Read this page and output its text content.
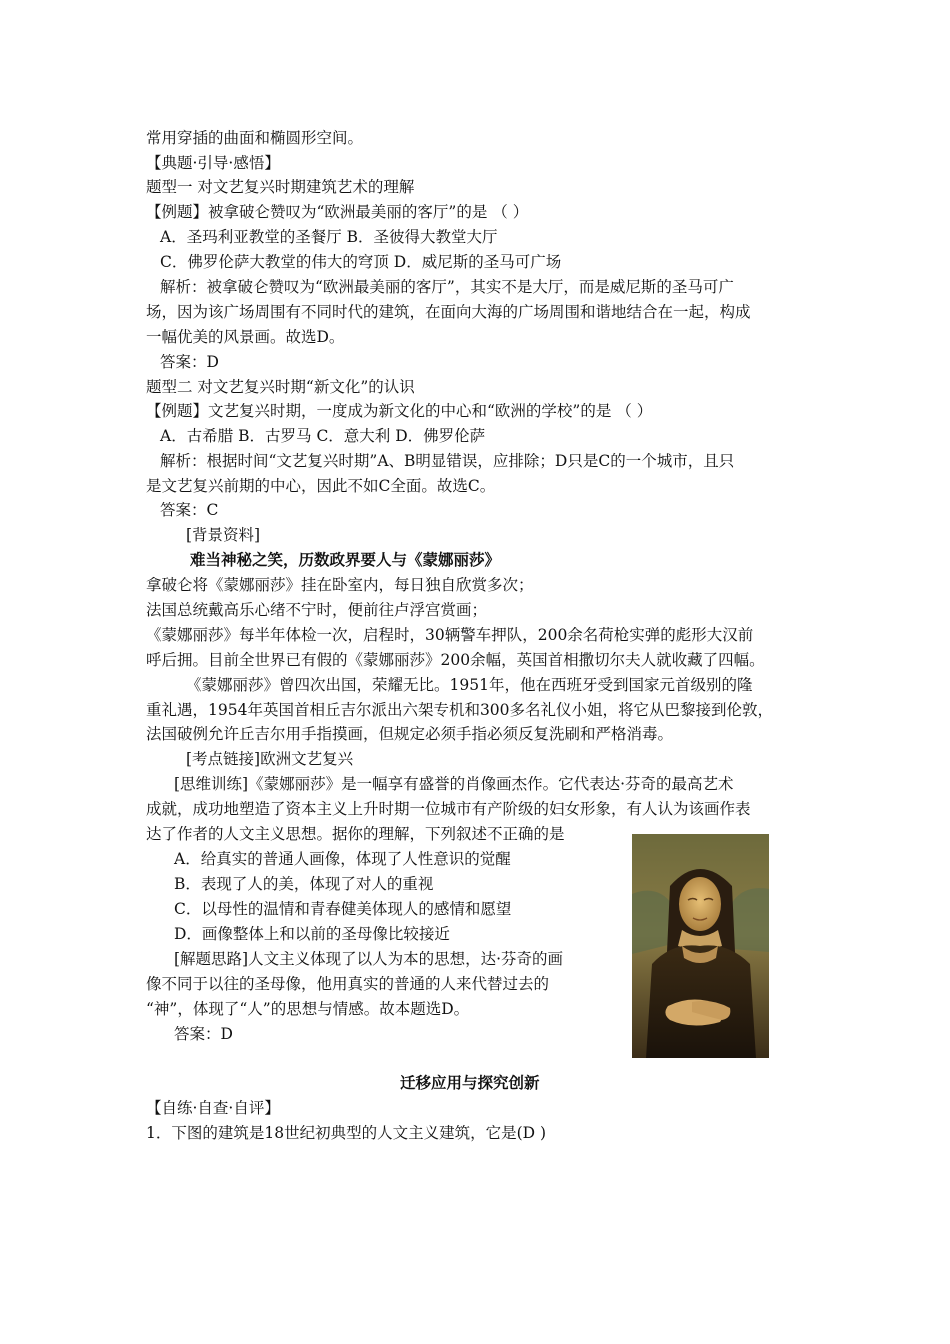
常用穿插的曲面和椭圆形空间。
【典题·引导·感悟】
题型一 对文艺复兴时期建筑艺术的理解
【例题】被拿破仑赞叹为“欧洲最美丽的客厅”的是 （ ）
A．圣玛利亚教堂的圣餐厅 B．圣彼得大教堂大厅
C．佛罗伦萨大教堂的伟大的穹顶 D．威尼斯的圣马可广场
解析：被拿破仑赞叹为“欧洲最美丽的客厅”，其实不是大厅，而是威尼斯的圣马可广
场，因为该广场周围有不同时代的建筑，在面向大海的广场周围和谐地结合在一起，构成
一幅优美的风景画。故选D。
答案：D
题型二 对文艺复兴时期“新文化”的认识
【例题】文艺复兴时期，一度成为新文化的中心和“欧洲的学校”的是 （ ）
A．古希腊 B．古罗马 C．意大利 D．佛罗伦萨
解析：根据时间“文艺复兴时期”A、B明显错误，应排除；D只是C的一个城市，且只
是文艺复兴前期的中心，因此不如C全面。故选C。
答案：C
[背景资料]
难当神秘之笑，历数政界要人与《蒙娜丽莎》
拿破仑将《蒙娜丽莎》挂在卧室内，每日独自欣赏多次；
法国总统戴高乐心绪不宁时，便前往卢浮宫赏画；
《蒙娜丽莎》每半年体检一次，启程时，30辆警车押队，200余名荷枪实弹的彪形大汉前
呼后拥。目前全世界已有假的《蒙娜丽莎》200余幅，英国首相撒切尔夫人就收藏了四幅。
《蒙娜丽莎》曾四次出国，荣耀无比。1951年，他在西班牙受到国家元首级别的隆
重礼遇，1954年英国首相丘吉尔派出六架专机和300多名礼仪小姐，将它从巴黎接到伦敦，
法国破例允许丘吉尔用手指摸画，但规定必须手指必须反复洗刷和严格消毒。
[考点链接]欧洲文艺复兴
[思维训练]《蒙娜丽莎》是一幅享有盛誉的肖像画杰作。它代表达·芬奇的最高艺术
成就，成功地塑造了资本主义上升时期一位城市有产阶级的妇女形象，有人认为该画作表
达了作者的人文主义思想。据你的理解，下列叙述不正确的是
A．给真实的普通人画像，体现了人性意识的觉醒
B．表现了人的美，体现了对人的重视
C．以母性的温情和青春健美体现人的感情和愿望
D．画像整体上和以前的圣母像比较接近
[解题思路]人文主义体现了以人为本的思想，达·芬奇的画
像不同于以往的圣母像，他用真实的普通的人来代替过去的
“神”，体现了“人”的思想与情感。故本题选D。
答案：D
迁移应用与探究创新
【自练·自查·自评】
1．下图的建筑是18世纪初典型的人文主义建筑，它是(D )
